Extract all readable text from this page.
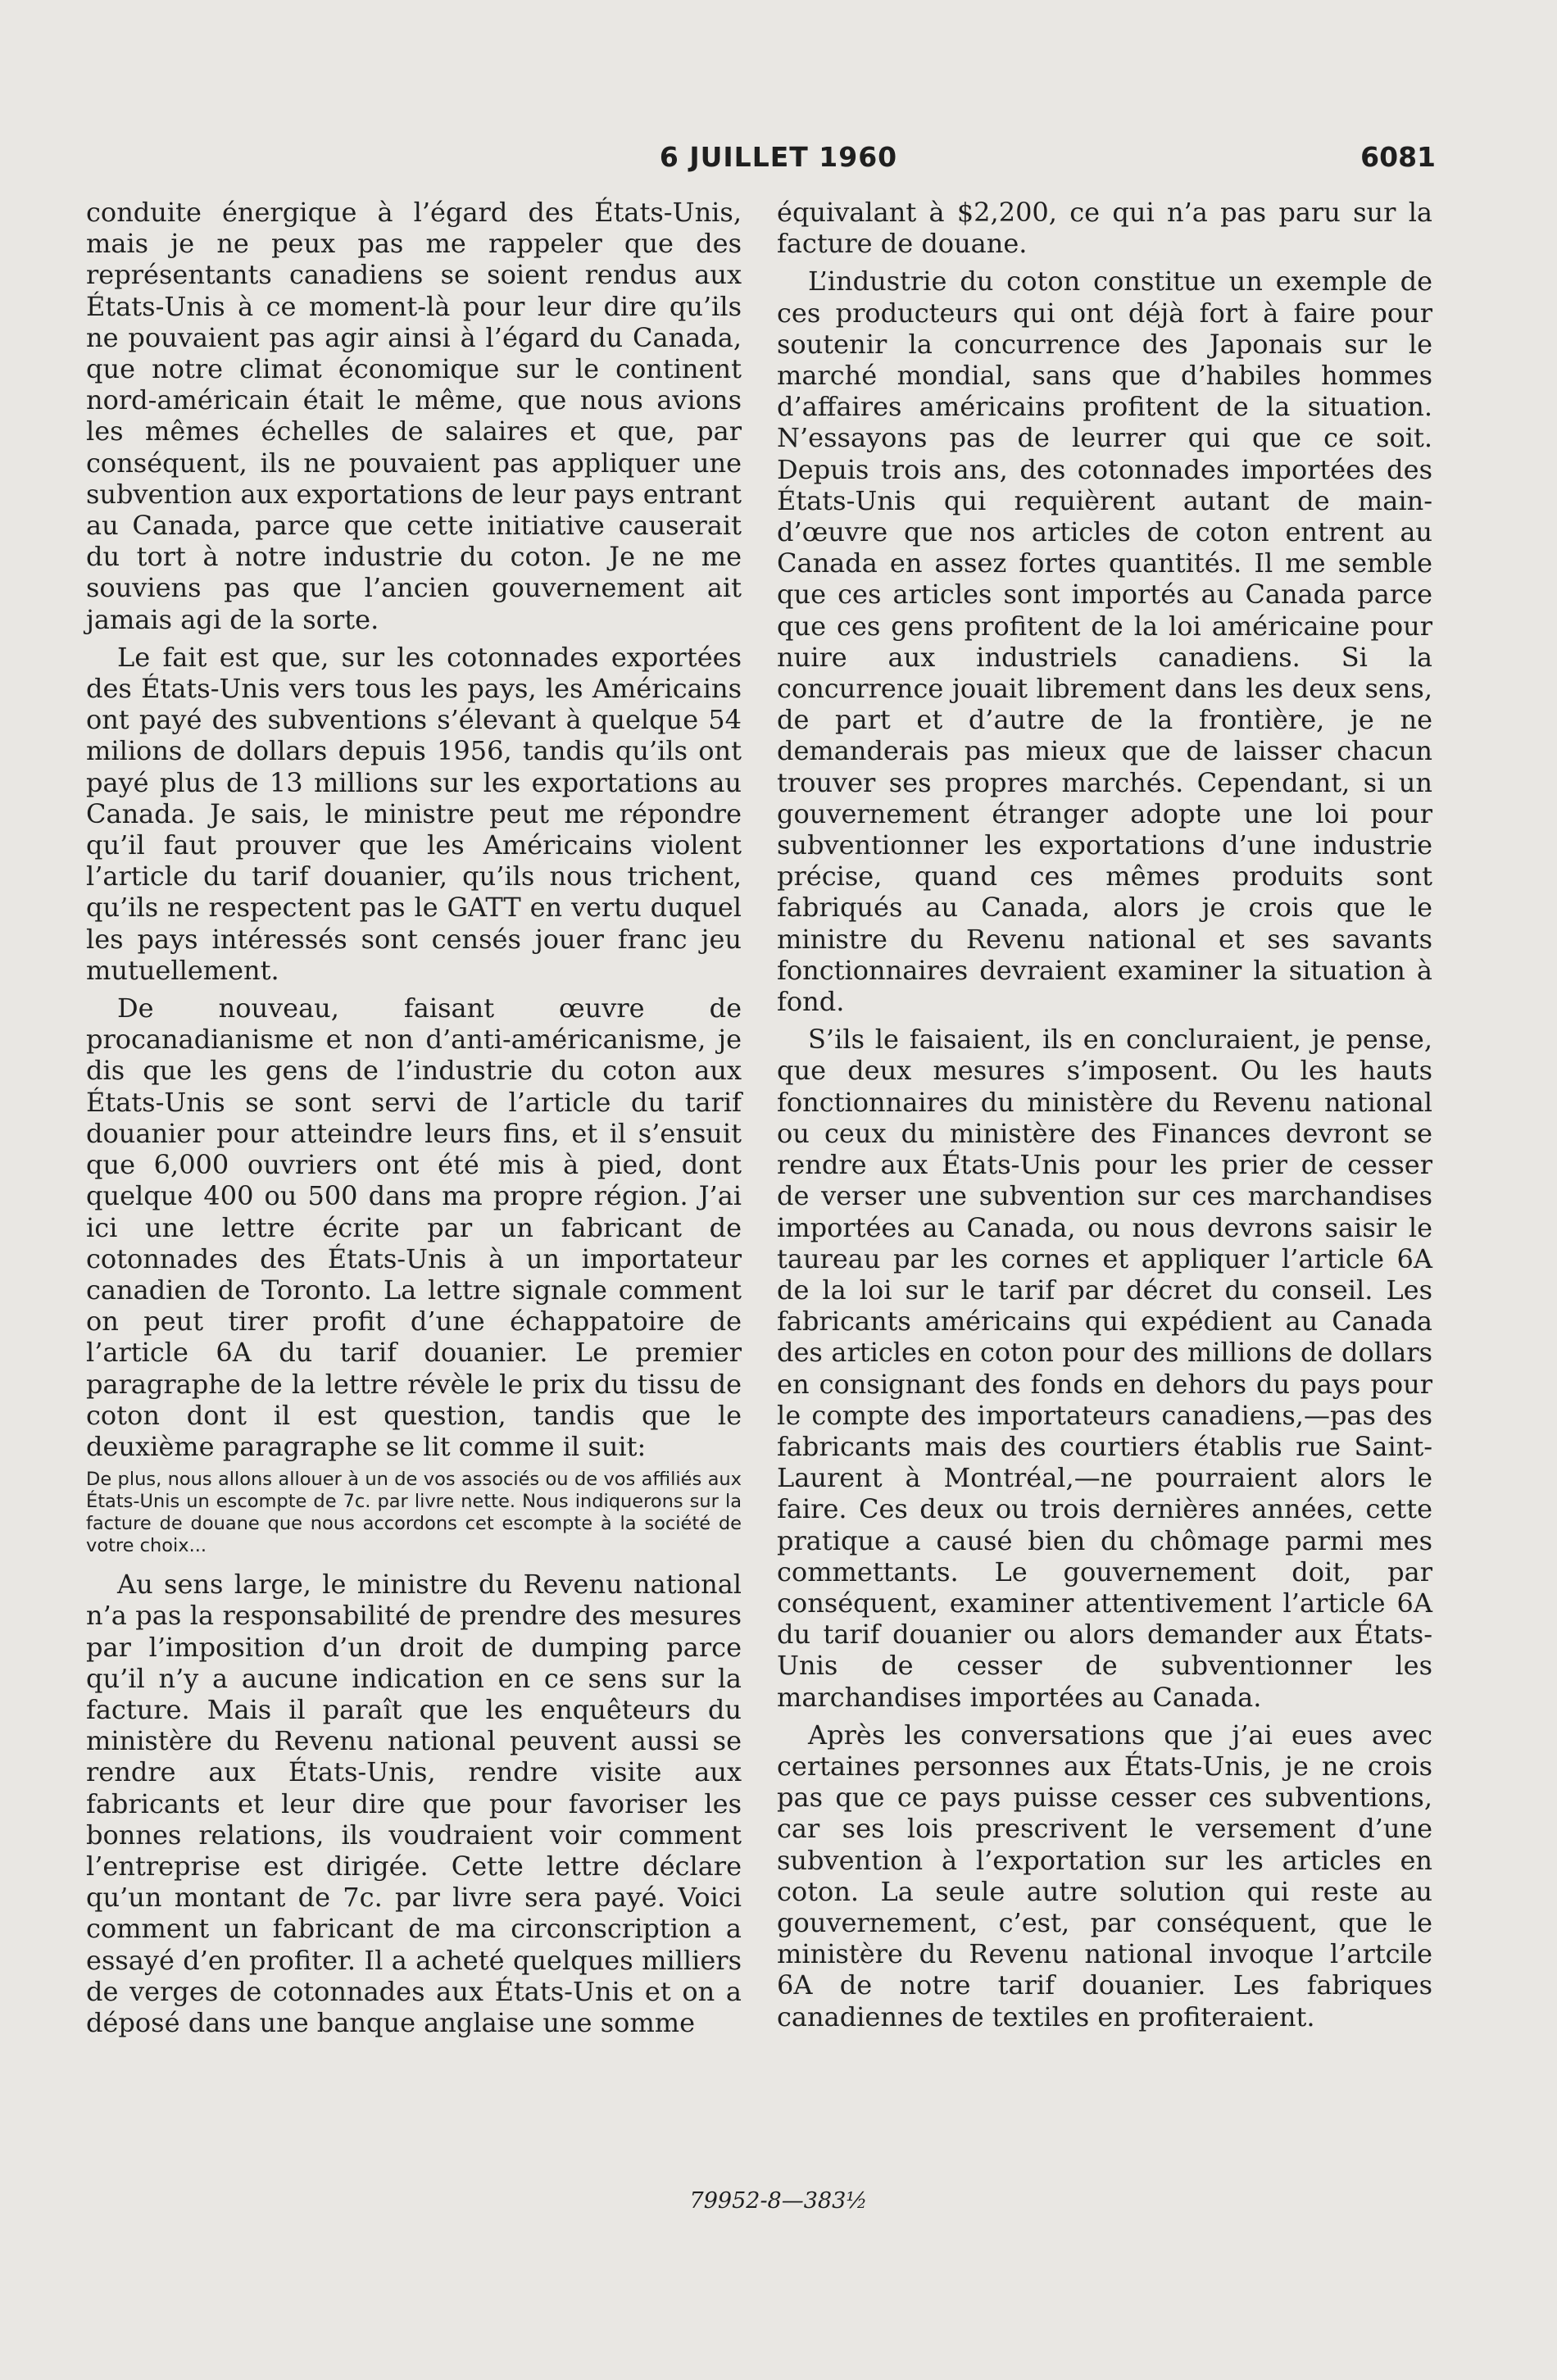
6 JUILLET 1960	6081

conduite énergique à l’égard des États-Unis, mais je ne peux pas me rappeler que des représentants canadiens se soient rendus aux États-Unis à ce moment-là pour leur dire qu’ils ne pouvaient pas agir ainsi à l’égard du Canada, que notre climat économique sur le continent nord-américain était le même, que nous avions les mêmes échelles de salaires et que, par conséquent, ils ne pouvaient pas appliquer une subvention aux exportations de leur pays entrant au Canada, parce que cette initiative causerait du tort à notre industrie du coton. Je ne me souviens pas que l’ancien gouvernement ait jamais agi de la sorte.

Le fait est que, sur les cotonnades exportées des États-Unis vers tous les pays, les Américains ont payé des subventions s’élevant à quelque 54 milions de dollars depuis 1956, tandis qu’ils ont payé plus de 13 millions sur les exportations au Canada. Je sais, le ministre peut me répondre qu’il faut prouver que les Américains violent l’article du tarif douanier, qu’ils nous trichent, qu’ils ne respectent pas le GATT en vertu duquel les pays intéressés sont censés jouer franc jeu mutuellement.

De nouveau, faisant œuvre de procanadianisme et non d’anti-américanisme, je dis que les gens de l’industrie du coton aux États-Unis se sont servi de l’article du tarif douanier pour atteindre leurs fins, et il s’ensuit que 6,000 ouvriers ont été mis à pied, dont quelque 400 ou 500 dans ma propre région. J’ai ici une lettre écrite par un fabricant de cotonnades des États-Unis à un importateur canadien de Toronto. La lettre signale comment on peut tirer profit d’une échappatoire de l’article 6A du tarif douanier. Le premier paragraphe de la lettre révèle le prix du tissu de coton dont il est question, tandis que le deuxième paragraphe se lit comme il suit:

De plus, nous allons allouer à un de vos associés ou de vos affiliés aux États-Unis un escompte de 7c. par livre nette. Nous indiquerons sur la facture de douane que nous accordons cet escompte à la société de votre choix...

Au sens large, le ministre du Revenu national n’a pas la responsabilité de prendre des mesures par l’imposition d’un droit de dumping parce qu’il n’y a aucune indication en ce sens sur la facture. Mais il paraît que les enquêteurs du ministère du Revenu national peuvent aussi se rendre aux États-Unis, rendre visite aux fabricants et leur dire que pour favoriser les bonnes relations, ils voudraient voir comment l’entreprise est dirigée. Cette lettre déclare qu’un montant de 7c. par livre sera payé. Voici comment un fabricant de ma circonscription a essayé d’en profiter. Il a acheté quelques milliers de verges de cotonnades aux États-Unis et on a déposé dans une banque anglaise une somme

équivalant à $2,200, ce qui n’a pas paru sur la facture de douane.

L’industrie du coton constitue un exemple de ces producteurs qui ont déjà fort à faire pour soutenir la concurrence des Japonais sur le marché mondial, sans que d’habiles hommes d’affaires américains profitent de la situation. N’essayons pas de leurrer qui que ce soit. Depuis trois ans, des cotonnades importées des États-Unis qui requièrent autant de main-d’œuvre que nos articles de coton entrent au Canada en assez fortes quantités. Il me semble que ces articles sont importés au Canada parce que ces gens profitent de la loi américaine pour nuire aux industriels canadiens. Si la concurrence jouait librement dans les deux sens, de part et d’autre de la frontière, je ne demanderais pas mieux que de laisser chacun trouver ses propres marchés. Cependant, si un gouvernement étranger adopte une loi pour subventionner les exportations d’une industrie précise, quand ces mêmes produits sont fabriqués au Canada, alors je crois que le ministre du Revenu national et ses savants fonctionnaires devraient examiner la situation à fond.

S’ils le faisaient, ils en concluraient, je pense, que deux mesures s’imposent. Ou les hauts fonctionnaires du ministère du Revenu national ou ceux du ministère des Finances devront se rendre aux États-Unis pour les prier de cesser de verser une subvention sur ces marchandises importées au Canada, ou nous devrons saisir le taureau par les cornes et appliquer l’article 6A de la loi sur le tarif par décret du conseil. Les fabricants américains qui expédient au Canada des articles en coton pour des millions de dollars en consignant des fonds en dehors du pays pour le compte des importateurs canadiens,—pas des fabricants mais des courtiers établis rue Saint-Laurent à Montréal,—ne pourraient alors le faire. Ces deux ou trois dernières années, cette pratique a causé bien du chômage parmi mes commettants. Le gouvernement doit, par conséquent, examiner attentivement l’article 6A du tarif douanier ou alors demander aux États-Unis de cesser de subventionner les marchandises importées au Canada.

Après les conversations que j’ai eues avec certaines personnes aux États-Unis, je ne crois pas que ce pays puisse cesser ces subventions, car ses lois prescrivent le versement d’une subvention à l’exportation sur les articles en coton. La seule autre solution qui reste au gouvernement, c’est, par conséquent, que le ministère du Revenu national invoque l’artcile 6A de notre tarif douanier. Les fabriques canadiennes de textiles en profiteraient.

79952-8—383½
